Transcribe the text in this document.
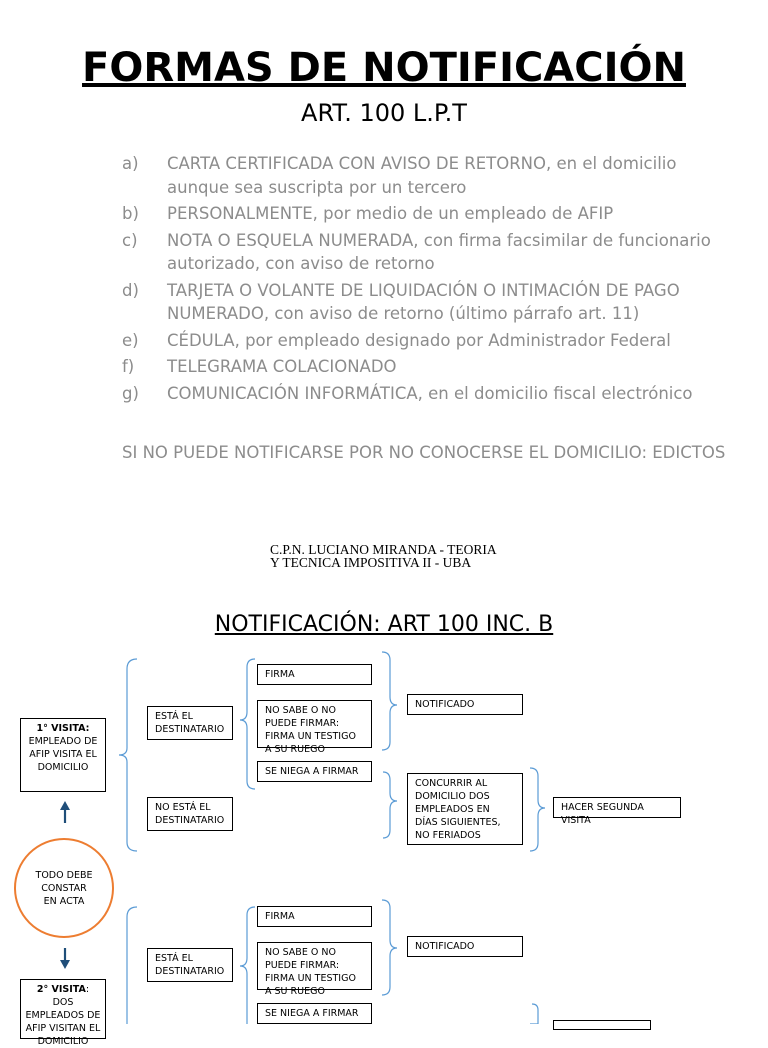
FORMAS DE NOTIFICACIÓN
ART. 100 L.P.T
a)	CARTA CERTIFICADA CON AVISO DE RETORNO, en el domicilio aunque sea suscripta por un tercero
b)	PERSONALMENTE, por medio de un empleado de AFIP
c)	NOTA O ESQUELA NUMERADA, con firma facsimilar de funcionario autorizado, con aviso de retorno
d)	TARJETA O VOLANTE DE LIQUIDACIÓN O INTIMACIÓN DE PAGO NUMERADO, con aviso de retorno (último párrafo art. 11)
e)	CÉDULA, por empleado designado por Administrador Federal
f)	TELEGRAMA COLACIONADO
g)	COMUNICACIÓN INFORMÁTICA, en el domicilio fiscal electrónico
SI NO PUEDE NOTIFICARSE POR NO CONOCERSE EL DOMICILIO: EDICTOS
C.P.N. LUCIANO MIRANDA - TEORIA Y TECNICA IMPOSITIVA II - UBA
NOTIFICACIÓN: ART 100 INC. B
1° VISITA:
EMPLEADO DE AFIP VISITA EL DOMICILIO
TODO DEBE CONSTAR EN ACTA
2° VISITA: DOS EMPLEADOS DE AFIP VISITAN EL DOMICILIO
ESTÁ EL DESTINATARIO
NO ESTÁ EL DESTINATARIO
FIRMA
NO SABE O NO PUEDE FIRMAR: FIRMA UN TESTIGO A SU RUEGO
SE NIEGA A FIRMAR
NOTIFICADO
CONCURRIR AL DOMICILIO DOS EMPLEADOS EN DÍAS SIGUIENTES, NO FERIADOS
HACER SEGUNDA VISITA
ESTÁ EL DESTINATARIO
FIRMA
NO SABE O NO PUEDE FIRMAR: FIRMA UN TESTIGO A SU RUEGO
SE NIEGA A FIRMAR
NOTIFICADO
